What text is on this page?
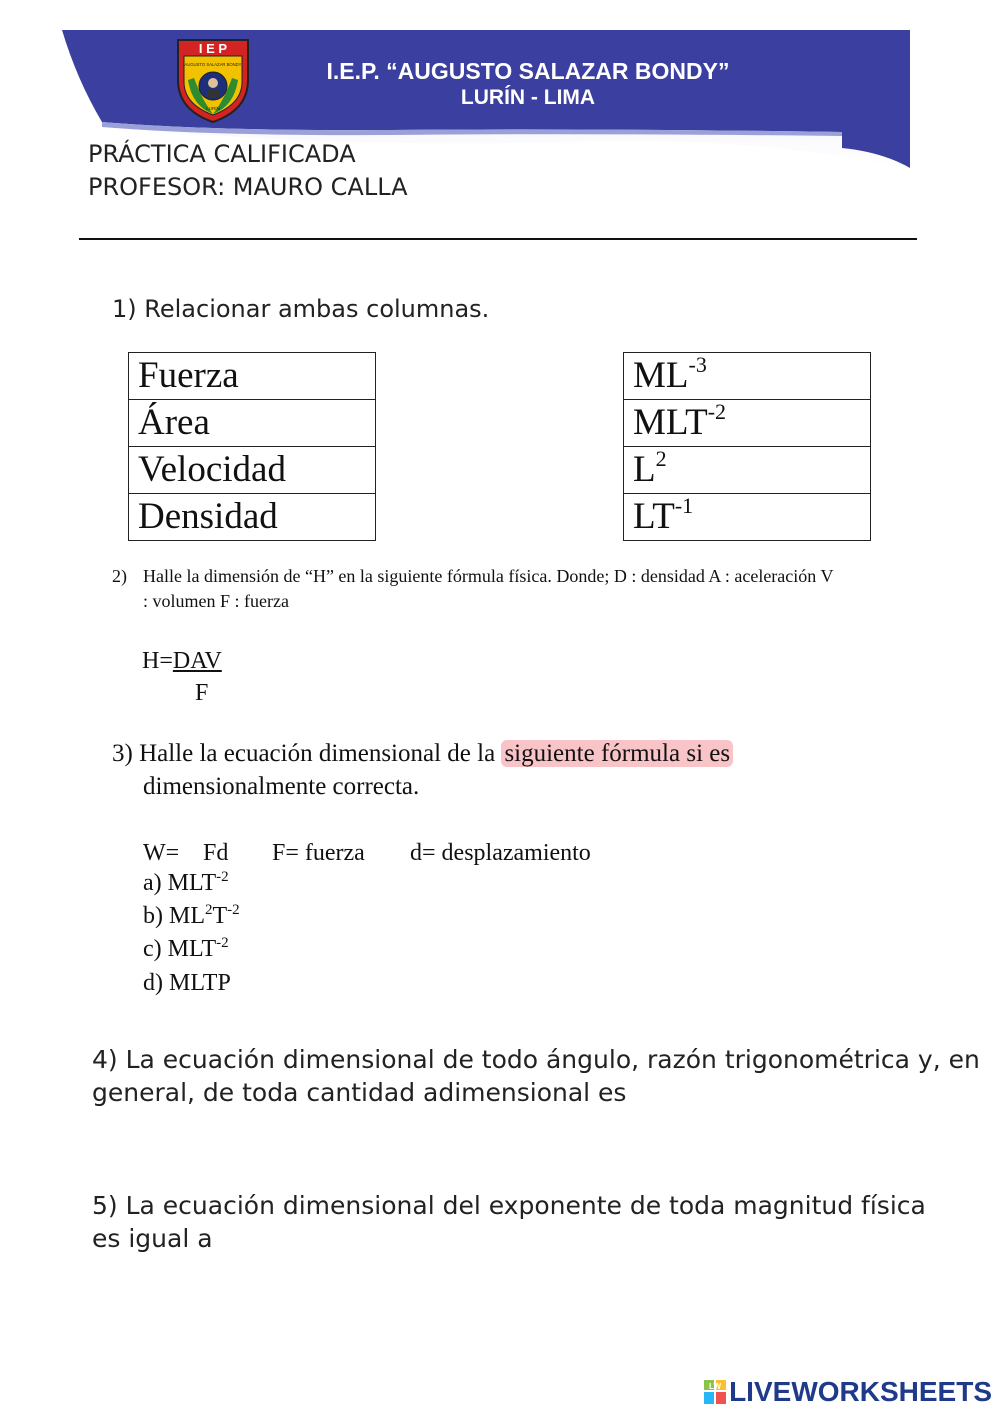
I.E.P. “AUGUSTO SALAZAR BONDY”
LURÍN - LIMA
I E P
AUGUSTO SALAZAR BONDY
LURÍN
PRÁCTICA CALIFICADA
PROFESOR: MAURO CALLA
1) Relacionar ambas columnas.
Fuerza
Área
Velocidad
Densidad
$ML^{-3}$
$MLT^{-2}$
$L^2$
$LT^{-1}$
2) Halle la dimensión de “H” en la siguiente fórmula física. Donde; D : densidad A : aceleración V
: volumen F : fuerza
H=DAV
F
3) Halle la ecuación dimensional de la siguiente fórmula si es
dimensionalmente correcta.
W= Fd F= fuerza d= desplazamiento
a) $MLT^{-2}$
b) $ML^2T^{-2}$
c) $MLT^{-2}$
d) MLTP
4) La ecuación dimensional de todo ángulo, razón trigonométrica y, en
general, de toda cantidad adimensional es
5) La ecuación dimensional del exponente de toda magnitud física
es igual a
LW LIVEWORKSHEETS
